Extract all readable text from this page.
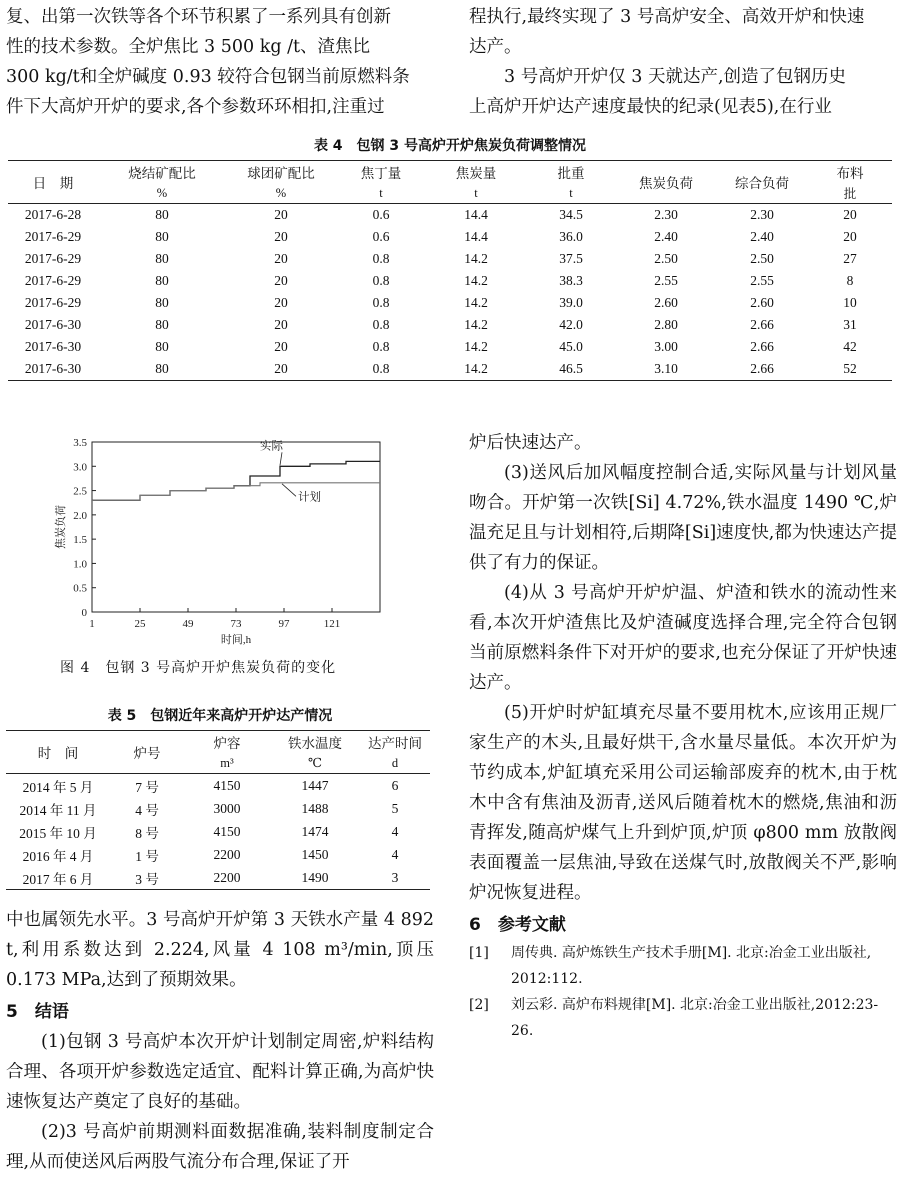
复、出第一次铁等各个环节积累了一系列具有创新

性的技术参数。全炉焦比 3 500 kg /t、渣焦比

300 kg/t和全炉碱度 0.93 较符合包钢当前原燃料条

件下大高炉开炉的要求,各个参数环环相扣,注重过

程执行,最终实现了 3 号高炉安全、高效开炉和快速

达产。

3 号高炉开炉仅 3 天就达产,创造了包钢历史

上高炉开炉达产速度最快的纪录(见表5),在行业

表 4　包钢 3 号高炉开炉焦炭负荷调整情况
日　期	烧结矿配比	球团矿配比	焦丁量	焦炭量	批重	焦炭负荷	综合负荷	布料
	%	%	t	t	t			批
2017-6-28	80	20	0.6	14.4	34.5	2.30	2.30	20
2017-6-29	80	20	0.6	14.4	36.0	2.40	2.40	20
2017-6-29	80	20	0.8	14.2	37.5	2.50	2.50	27
2017-6-29	80	20	0.8	14.2	38.3	2.55	2.55	8
2017-6-29	80	20	0.8	14.2	39.0	2.60	2.60	10
2017-6-30	80	20	0.8	14.2	42.0	2.80	2.66	31
2017-6-30	80	20	0.8	14.2	45.0	3.00	2.66	42
2017-6-30	80	20	0.8	14.2	46.5	3.10	2.66	52
0
0.5
1.0
1.5
2.0
2.5
3.0
3.5
1	25	49	73	97	121
时间,h
焦炭负荷
实际
计划
图 4　包钢 3 号高炉开炉焦炭负荷的变化
表 5　包钢近年来高炉开炉达产情况
时　间	炉号	炉容	铁水温度	达产时间
		m³	℃	d
2014 年 5 月	7 号	4150	1447	6
2014 年 11 月	4 号	3000	1488	5
2015 年 10 月	8 号	4150	1474	4
2016 年 4 月	1 号	2200	1450	4
2017 年 6 月	3 号	2200	1490	3

中也属领先水平。3 号高炉开炉第 3 天铁水产量 4 892 t,利用系数达到 2.224,风量 4 108 m³/min,顶压 0.173 MPa,达到了预期效果。

5　结语

(1)包钢 3 号高炉本次开炉计划制定周密,炉料结构合理、各项开炉参数选定适宜、配料计算正确,为高炉快速恢复达产奠定了良好的基础。

(2)3 号高炉前期测料面数据准确,装料制度制定合理,从而使送风后两股气流分布合理,保证了开

炉后快速达产。

(3)送风后加风幅度控制合适,实际风量与计划风量吻合。开炉第一次铁[Si] 4.72%,铁水温度 1490 ℃,炉温充足且与计划相符,后期降[Si]速度快,都为快速达产提供了有力的保证。

(4)从 3 号高炉开炉炉温、炉渣和铁水的流动性来看,本次开炉渣焦比及炉渣碱度选择合理,完全符合包钢当前原燃料条件下对开炉的要求,也充分保证了开炉快速达产。

(5)开炉时炉缸填充尽量不要用枕木,应该用正规厂家生产的木头,且最好烘干,含水量尽量低。本次开炉为节约成本,炉缸填充采用公司运输部废弃的枕木,由于枕木中含有焦油及沥青,送风后随着枕木的燃烧,焦油和沥青挥发,随高炉煤气上升到炉顶,炉顶 φ800 mm 放散阀表面覆盖一层焦油,导致在送煤气时,放散阀关不严,影响炉况恢复进程。

6　参考文献
[1]	周传典. 高炉炼铁生产技术手册[M]. 北京:冶金工业出版社, 2012:112.
[2]	刘云彩. 高炉布料规律[M]. 北京:冶金工业出版社,2012:23-26.
